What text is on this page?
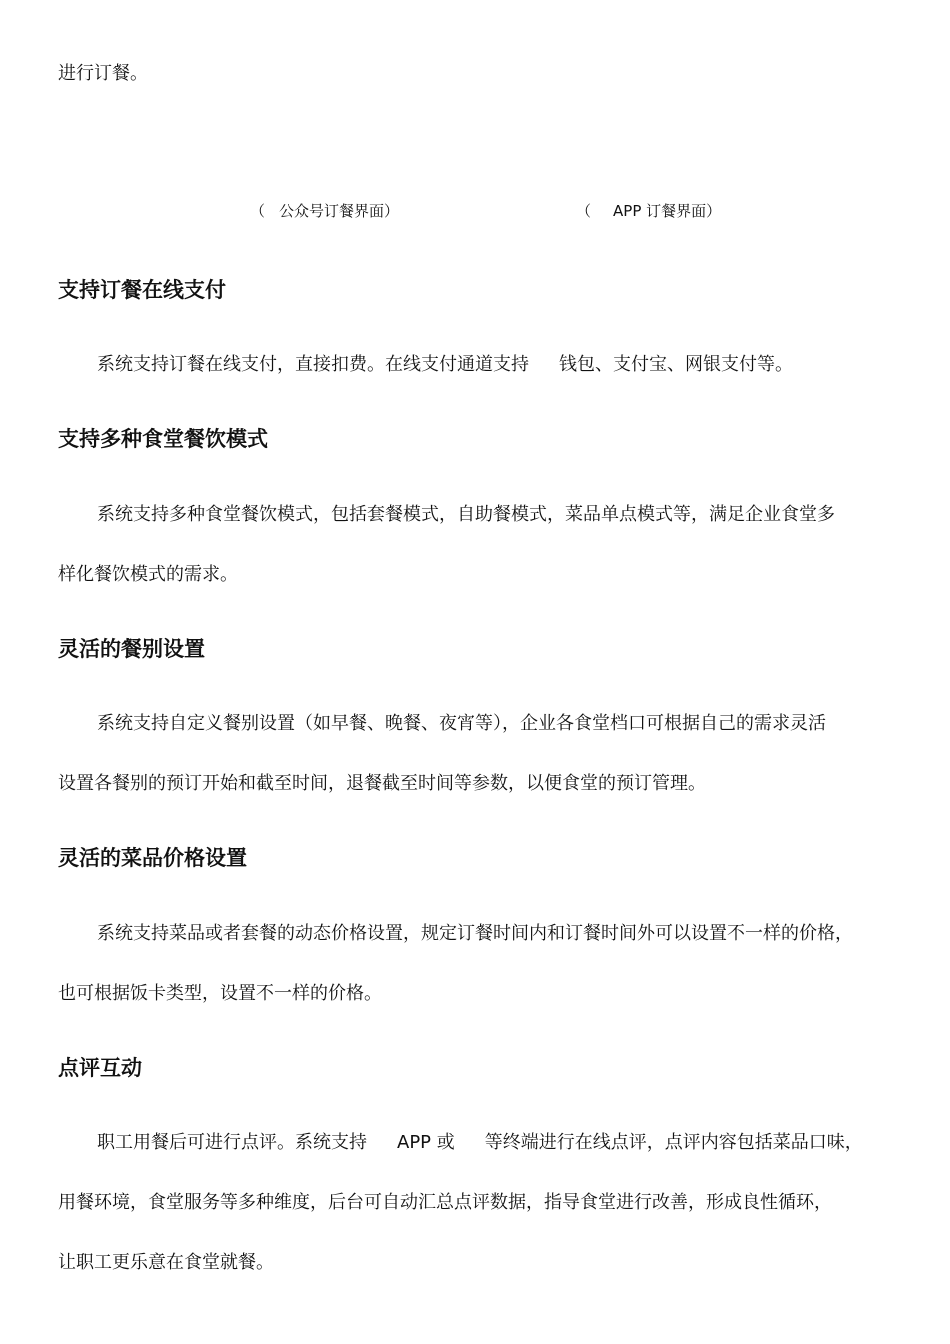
进行订餐。
（ 公众号订餐界面）	（ APP 订餐界面）
支持订餐在线支付
系统支持订餐在线支付，直接扣费。在线支付通道支持 钱包、支付宝、网银支付等。
支持多种食堂餐饮模式
系统支持多种食堂餐饮模式，包括套餐模式，自助餐模式，菜品单点模式等，满足企业食堂多
样化餐饮模式的需求。
灵活的餐别设置
系统支持自定义餐别设置（如早餐、晚餐、夜宵等），企业各食堂档口可根据自己的需求灵活
设置各餐别的预订开始和截至时间，退餐截至时间等参数，以便食堂的预订管理。
灵活的菜品价格设置
系统支持菜品或者套餐的动态价格设置，规定订餐时间内和订餐时间外可以设置不一样的价格，
也可根据饭卡类型，设置不一样的价格。
点评互动
职工用餐后可进行点评。系统支持 APP 或 等终端进行在线点评，点评内容包括菜品口味，
用餐环境，食堂服务等多种维度，后台可自动汇总点评数据，指导食堂进行改善，形成良性循环，
让职工更乐意在食堂就餐。
